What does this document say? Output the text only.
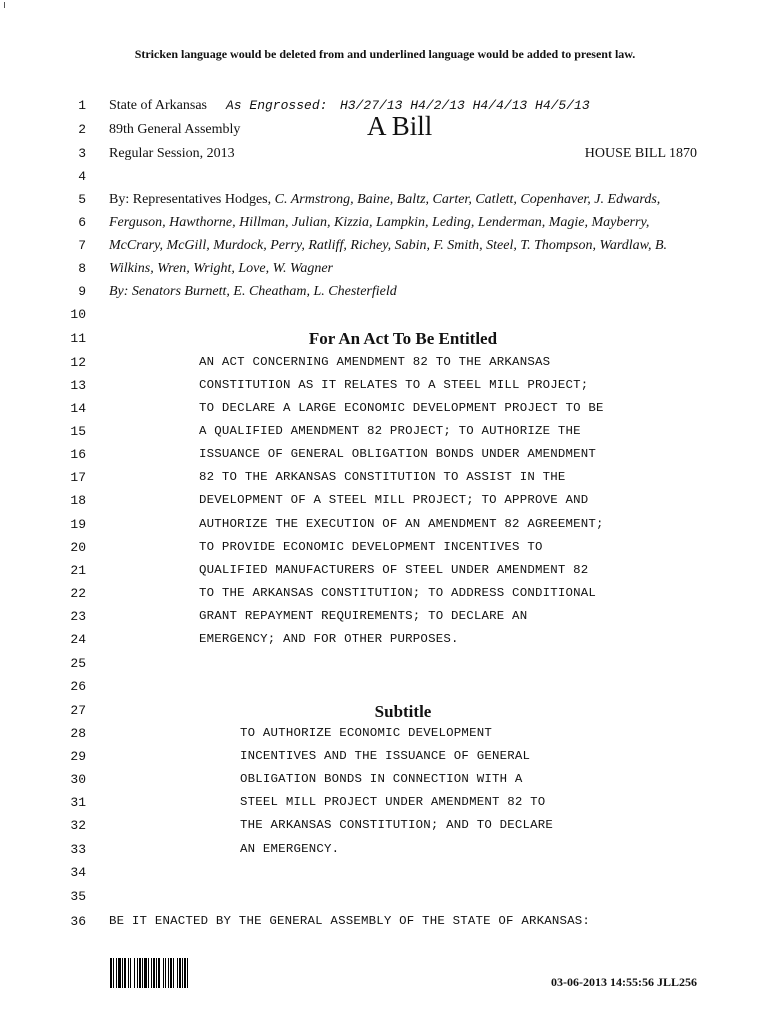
Stricken language would be deleted from and underlined language would be added to present law.
1
2
3
4
5
6
7
8
9
10
11
12
13
14
15
16
17
18
19
20
21
22
23
24
25
26
27
28
29
30
31
32
33
34
35
36
State of Arkansas As Engrossed: H3/27/13 H4/2/13 H4/4/13 H4/5/13
89th General Assembly	A Bill
Regular Session, 2013	HOUSE BILL 1870
By: Representatives Hodges, C. Armstrong, Baine, Baltz, Carter, Catlett, Copenhaver, J. Edwards,
Ferguson, Hawthorne, Hillman, Julian, Kizzia, Lampkin, Leding, Lenderman, Magie, Mayberry,
McCrary, McGill, Murdock, Perry, Ratliff, Richey, Sabin, F. Smith, Steel, T. Thompson, Wardlaw, B.
Wilkins, Wren, Wright, Love, W. Wagner
By: Senators Burnett, E. Cheatham, L. Chesterfield
For An Act To Be Entitled
AN ACT CONCERNING AMENDMENT 82 TO THE ARKANSAS
CONSTITUTION AS IT RELATES TO A STEEL MILL PROJECT;
TO DECLARE A LARGE ECONOMIC DEVELOPMENT PROJECT TO BE
A QUALIFIED AMENDMENT 82 PROJECT; TO AUTHORIZE THE
ISSUANCE OF GENERAL OBLIGATION BONDS UNDER AMENDMENT
82 TO THE ARKANSAS CONSTITUTION TO ASSIST IN THE
DEVELOPMENT OF A STEEL MILL PROJECT; TO APPROVE AND
AUTHORIZE THE EXECUTION OF AN AMENDMENT 82 AGREEMENT;
TO PROVIDE ECONOMIC DEVELOPMENT INCENTIVES TO
QUALIFIED MANUFACTURERS OF STEEL UNDER AMENDMENT 82
TO THE ARKANSAS CONSTITUTION; TO ADDRESS CONDITIONAL
GRANT REPAYMENT REQUIREMENTS; TO DECLARE AN
EMERGENCY; AND FOR OTHER PURPOSES.
Subtitle
TO AUTHORIZE ECONOMIC DEVELOPMENT
INCENTIVES AND THE ISSUANCE OF GENERAL
OBLIGATION BONDS IN CONNECTION WITH A
STEEL MILL PROJECT UNDER AMENDMENT 82 TO
THE ARKANSAS CONSTITUTION; AND TO DECLARE
AN EMERGENCY.
BE IT ENACTED BY THE GENERAL ASSEMBLY OF THE STATE OF ARKANSAS:
03-06-2013 14:55:56 JLL256
